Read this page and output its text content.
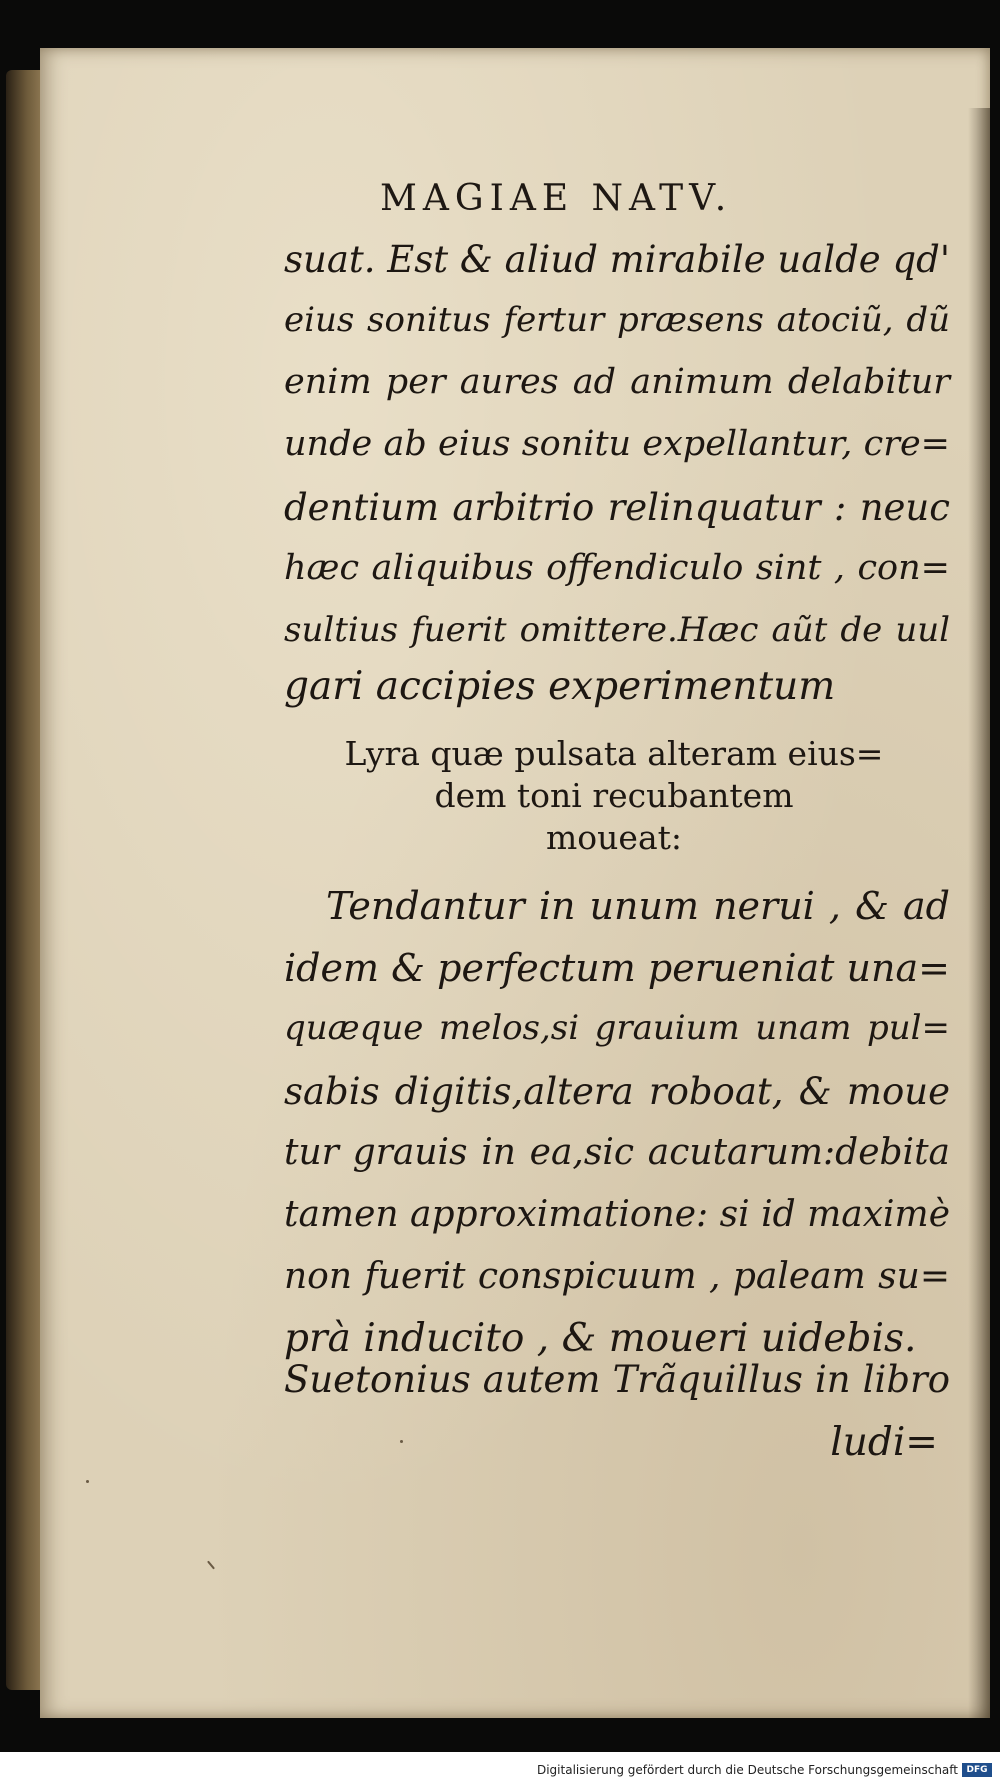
MAGIAE NATV.
suat. Est & aliud mirabile ualde qd'
eius sonitus fertur præsens atociũ, dũ
enim per aures ad animum delabitur
unde ab eius sonitu expellantur, cre=
dentium arbitrio relinquatur : neuc
hæc aliquibus offendiculo sint , con=
sultius fuerit omittere.Hæc aũt de uul
gari accipies experimentum
Lyra quæ pulsata alteram eius=
dem toni recubantem
moueat:
Tendantur in unum nerui , & ad
idem & perfectum perueniat una=
quæque melos,si grauium unam pul=
sabis digitis,altera roboat, & moue
tur grauis in ea,sic acutarum:debita
tamen approximatione: si id maximè
non fuerit conspicuum , paleam su=
prà inducito , & moueri uidebis.
Suetonius autem Trãquillus in libro
ludi=
Digitalisierung gefördert durch die Deutsche Forschungsgemeinschaft DFG
